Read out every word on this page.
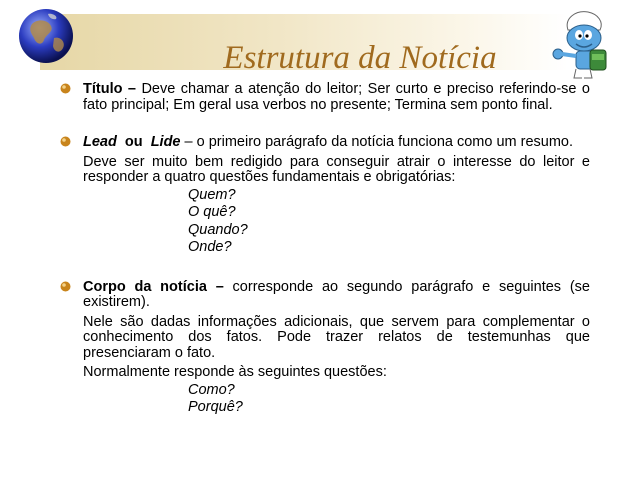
Estrutura da Notícia

Título – Deve chamar a atenção do leitor; Ser curto e preciso referindo-se o fato principal; Em geral usa verbos no presente; Termina sem ponto final.

Lead ou Lide – o primeiro parágrafo da notícia funciona como um resumo.

Deve ser muito bem redigido para conseguir atrair o interesse do leitor e responder a quatro questões fundamentais e obrigatórias:

Quem?

O quê?

Quando?

Onde?

Corpo da notícia – corresponde ao segundo parágrafo e seguintes (se existirem).

Nele são dadas informações adicionais, que servem para complementar o conhecimento dos fatos. Pode trazer relatos de testemunhas que presenciaram o fato.

Normalmente responde às seguintes questões:

Como?

Porquê?
